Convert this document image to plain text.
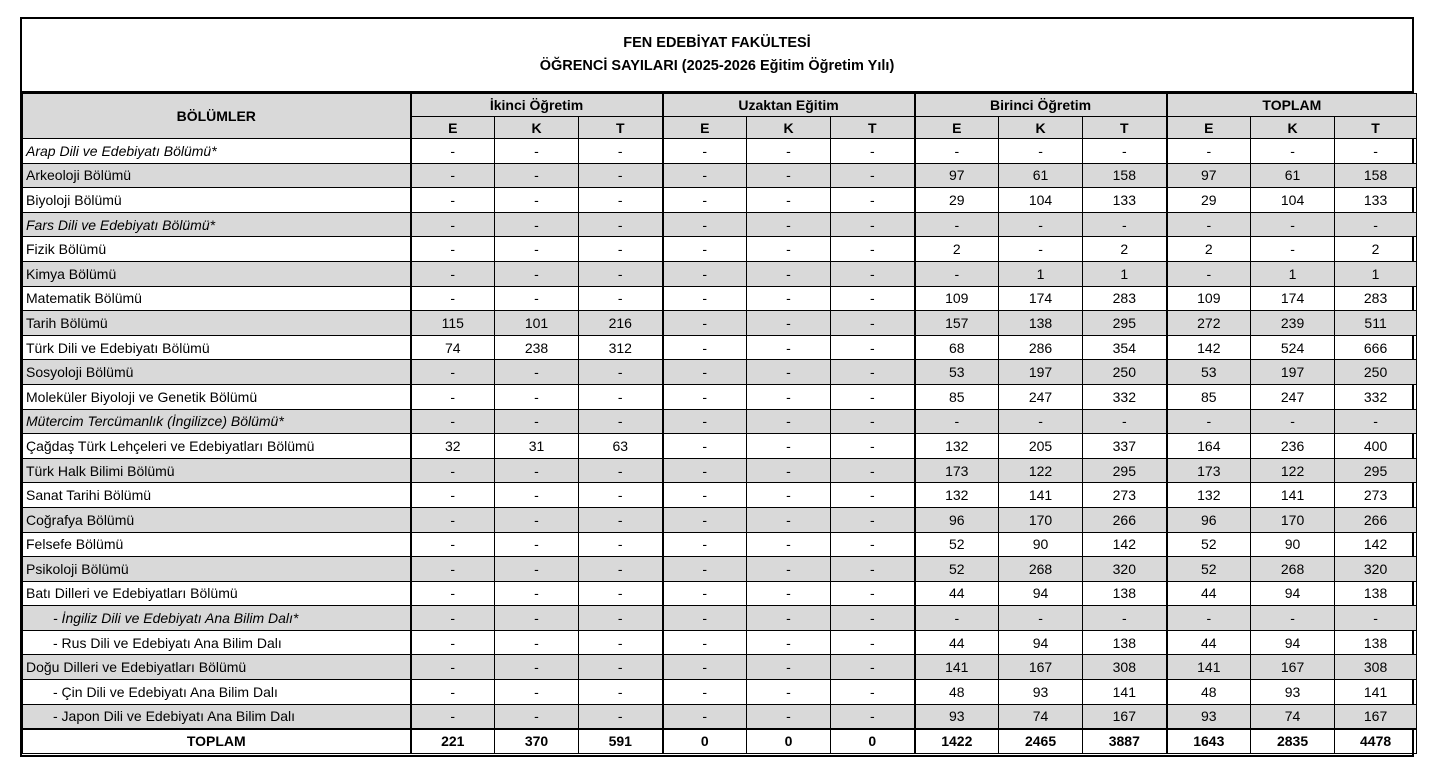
FEN EDEBİYAT FAKÜLTESİ
ÖĞRENCİ SAYILARI (2025-2026 Eğitim Öğretim Yılı)
BÖLÜMLER	İkinci Öğretim			Uzaktan Eğitim			Birinci Öğretim			TOPLAM		
	E	K	T	E	K	T	E	K	T	E	K	T
Arap Dili ve Edebiyatı Bölümü*	-	-	-	-	-	-	-	-	-	-	-	-
Arkeoloji Bölümü	-	-	-	-	-	-	97	61	158	97	61	158
Biyoloji Bölümü	-	-	-	-	-	-	29	104	133	29	104	133
Fars Dili ve Edebiyatı Bölümü*	-	-	-	-	-	-	-	-	-	-	-	-
Fizik Bölümü	-	-	-	-	-	-	2	-	2	2	-	2
Kimya Bölümü	-	-	-	-	-	-	-	1	1	-	1	1
Matematik Bölümü	-	-	-	-	-	-	109	174	283	109	174	283
Tarih Bölümü	115	101	216	-	-	-	157	138	295	272	239	511
Türk Dili ve Edebiyatı Bölümü	74	238	312	-	-	-	68	286	354	142	524	666
Sosyoloji Bölümü	-	-	-	-	-	-	53	197	250	53	197	250
Moleküler Biyoloji ve Genetik Bölümü	-	-	-	-	-	-	85	247	332	85	247	332
Mütercim Tercümanlık (İngilizce) Bölümü*	-	-	-	-	-	-	-	-	-	-	-	-
Çağdaş Türk Lehçeleri ve Edebiyatları Bölümü	32	31	63	-	-	-	132	205	337	164	236	400
Türk Halk Bilimi Bölümü	-	-	-	-	-	-	173	122	295	173	122	295
Sanat Tarihi Bölümü	-	-	-	-	-	-	132	141	273	132	141	273
Coğrafya Bölümü	-	-	-	-	-	-	96	170	266	96	170	266
Felsefe Bölümü	-	-	-	-	-	-	52	90	142	52	90	142
Psikoloji Bölümü	-	-	-	-	-	-	52	268	320	52	268	320
Batı Dilleri ve Edebiyatları Bölümü	-	-	-	-	-	-	44	94	138	44	94	138
- İngiliz Dili ve Edebiyatı Ana Bilim Dalı*	-	-	-	-	-	-	-	-	-	-	-	-
- Rus Dili ve Edebiyatı Ana Bilim Dalı	-	-	-	-	-	-	44	94	138	44	94	138
Doğu Dilleri ve Edebiyatları Bölümü	-	-	-	-	-	-	141	167	308	141	167	308
- Çin Dili ve Edebiyatı Ana Bilim Dalı	-	-	-	-	-	-	48	93	141	48	93	141
- Japon Dili ve Edebiyatı Ana Bilim Dalı	-	-	-	-	-	-	93	74	167	93	74	167
TOPLAM	221	370	591	0	0	0	1422	2465	3887	1643	2835	4478
